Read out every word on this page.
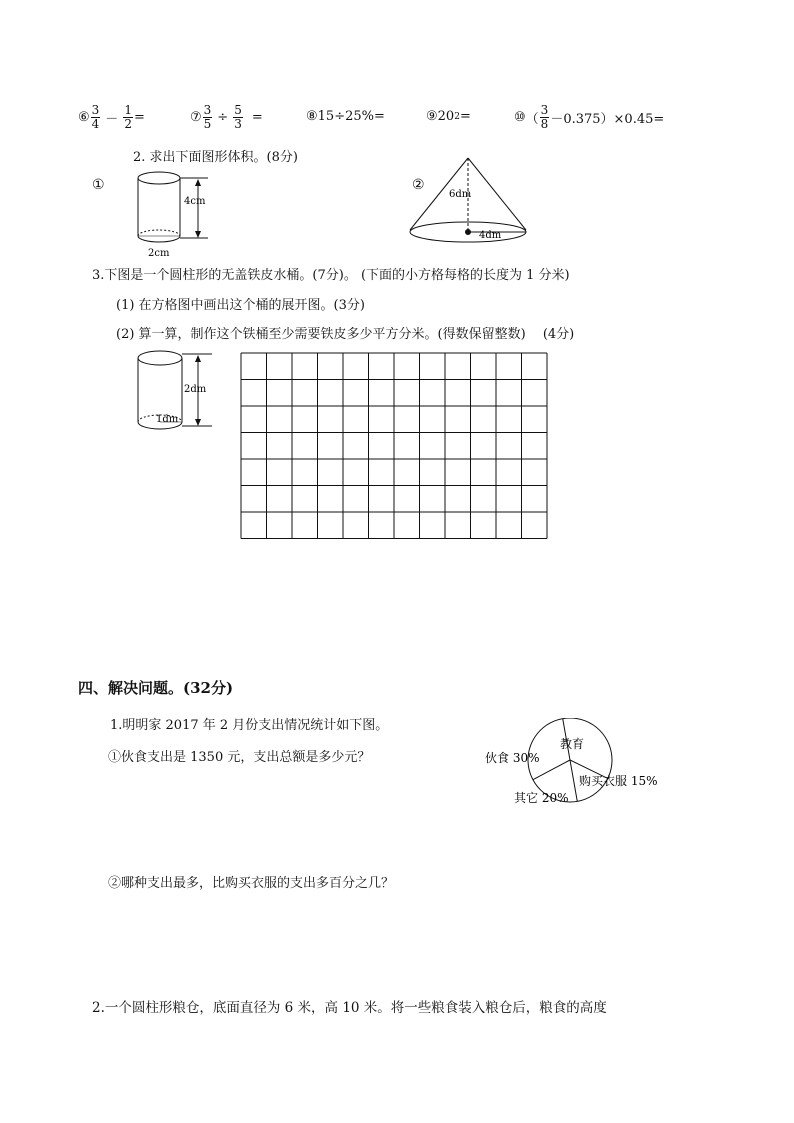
⑥ $\frac{3}{4} - \frac{1}{2}$ =	⑦ $\frac{3}{5} \div \frac{5}{3}$ =	⑧15÷25%=	⑨20 2 =	⑩ （ $\frac{3}{8} -0.375)\times 0.45=$
2. 求出下面图形体积。(8分)
①	②
4cm
2cm
6dm
4dm
3.下图是一个圆柱形的无盖铁皮水桶。(7分)。 (下面的小方格每格的长度为 1 分米)
(1) 在方格图中画出这个桶的展开图。(3分)
(2) 算一算，制作这个铁桶至少需要铁皮多少平方分米。(得数保留整数)　 (4分)
2dm
1dm
四、解决问题。(32分)
1.明明家 2017 年 2 月份支出情况统计如下图。
①伙食支出是 1350 元，支出总额是多少元？
②哪种支出最多，比购买衣服的支出多百分之几？
2.一个圆柱形粮仓，底面直径为 6 米，高 10 米。将一些粮食装入粮仓后，粮食的高度
伙食 30%
教育
购买衣服 15%
其它 20%
